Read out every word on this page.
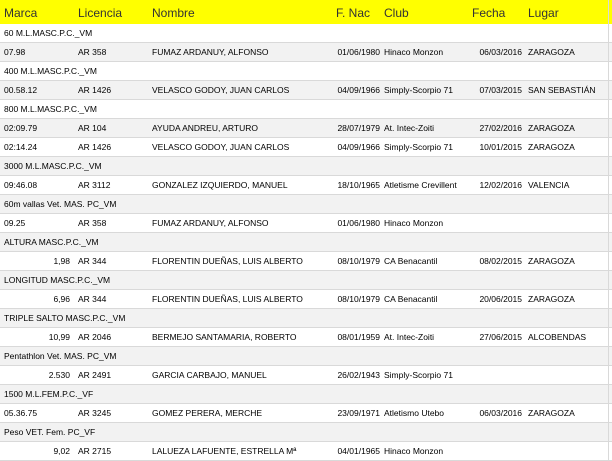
Marca	Licencia Nombre	F. Nac Club	Fecha Lugar
60 M.L.MASC.P.C._VM
07.98	AR 358	FUMAZ ARDANUY, ALFONSO	01/06/1980 Hinaco Monzon	06/03/2016 ZARAGOZA
400 M.L.MASC.P.C._VM
00.58.12	AR 1426	VELASCO GODOY, JUAN CARLOS	04/09/1966 Simply-Scorpio 71	07/03/2015 SAN SEBASTIÁN
800 M.L.MASC.P.C._VM
02:09.79	AR 104	AYUDA ANDREU, ARTURO	28/07/1979 At. Intec-Zoiti	27/02/2016 ZARAGOZA
02:14.24	AR 1426	VELASCO GODOY, JUAN CARLOS	04/09/1966 Simply-Scorpio 71	10/01/2015 ZARAGOZA
3000 M.L.MASC.P.C._VM
09:46.08	AR 3112	GONZALEZ IZQUIERDO, MANUEL	18/10/1965 Atletisme Crevillent	12/02/2016 VALENCIA
60m vallas Vet. MAS. PC_VM
09.25	AR 358	FUMAZ ARDANUY, ALFONSO	01/06/1980 Hinaco Monzon
ALTURA MASC.P.C._VM
1,98 AR 344	FLORENTIN DUEÑAS, LUIS ALBERTO	08/10/1979 CA Benacantil	08/02/2015 ZARAGOZA
LONGITUD MASC.P.C._VM
6,96 AR 344	FLORENTIN DUEÑAS, LUIS ALBERTO	08/10/1979 CA Benacantil	20/06/2015 ZARAGOZA
TRIPLE SALTO MASC.P.C._VM
10,99 AR 2046	BERMEJO SANTAMARIA, ROBERTO	08/01/1959 At. Intec-Zoiti	27/06/2015 ALCOBENDAS
Pentathlon Vet. MAS. PC_VM
2.530 AR 2491	GARCIA CARBAJO, MANUEL	26/02/1943 Simply-Scorpio 71
1500 M.L.FEM.P.C._VF
05.36.75	AR 3245	GOMEZ PERERA, MERCHE	23/09/1971 Atletismo Utebo	06/03/2016 ZARAGOZA
Peso VET. Fem. PC_VF
9,02 AR 2715	LALUEZA LAFUENTE, ESTRELLA Mª	04/01/1965 Hinaco Monzon
